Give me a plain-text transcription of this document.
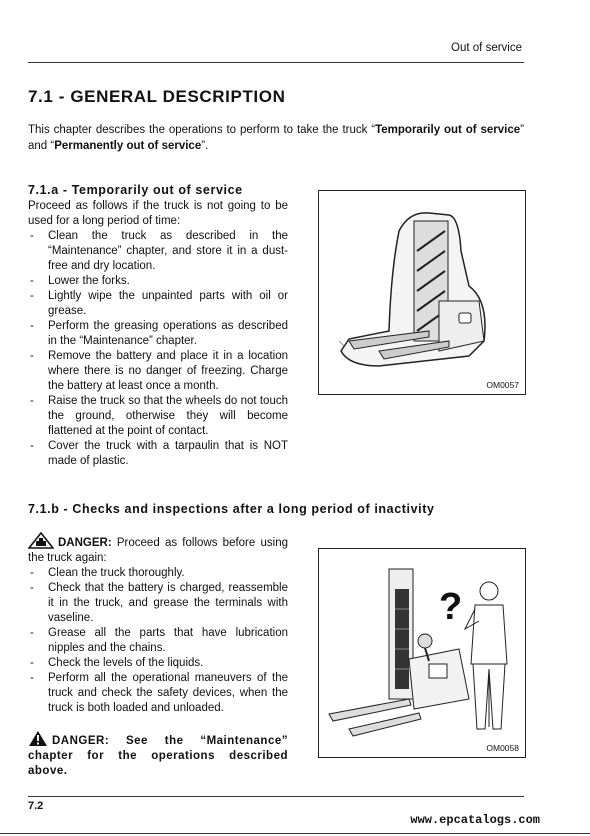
Out of service
7.1 - GENERAL DESCRIPTION
This chapter describes the operations to perform to take the truck “Temporarily out of service” and “Permanently out of service”.
7.1.a - Temporarily out of service

Proceed as follows if the truck is not going to be used for a long period of time:

- Clean the truck as described in the “Maintenance” chapter, and store it in a dust-free and dry location.
- Lower the forks.
- Lightly wipe the unpainted parts with oil or grease.
- Perform the greasing operations as described in the “Maintenance” chapter.
- Remove the battery and place it in a location where there is no danger of freezing. Charge the battery at least once a month.
- Raise the truck so that the wheels do not touch the ground, otherwise they will become flattened at the point of contact.
- Cover the truck with a tarpaulin that is NOT made of plastic.
OM0057
7.1.b - Checks and inspections after a long period of inactivity

DANGER: Proceed as follows before using the truck again:

- Clean the truck thoroughly.
- Check that the battery is charged, reassemble it in the truck, and grease the terminals with vaseline.
- Grease all the parts that have lubrication nipples and the chains.
- Check the levels of the liquids.
- Perform all the operational maneuvers of the truck and check the safety devices, when the truck is both loaded and unloaded.
DANGER: See the “Maintenance” chapter for the operations described above.
?
OM0058
7.2
www.epcatalogs.com
